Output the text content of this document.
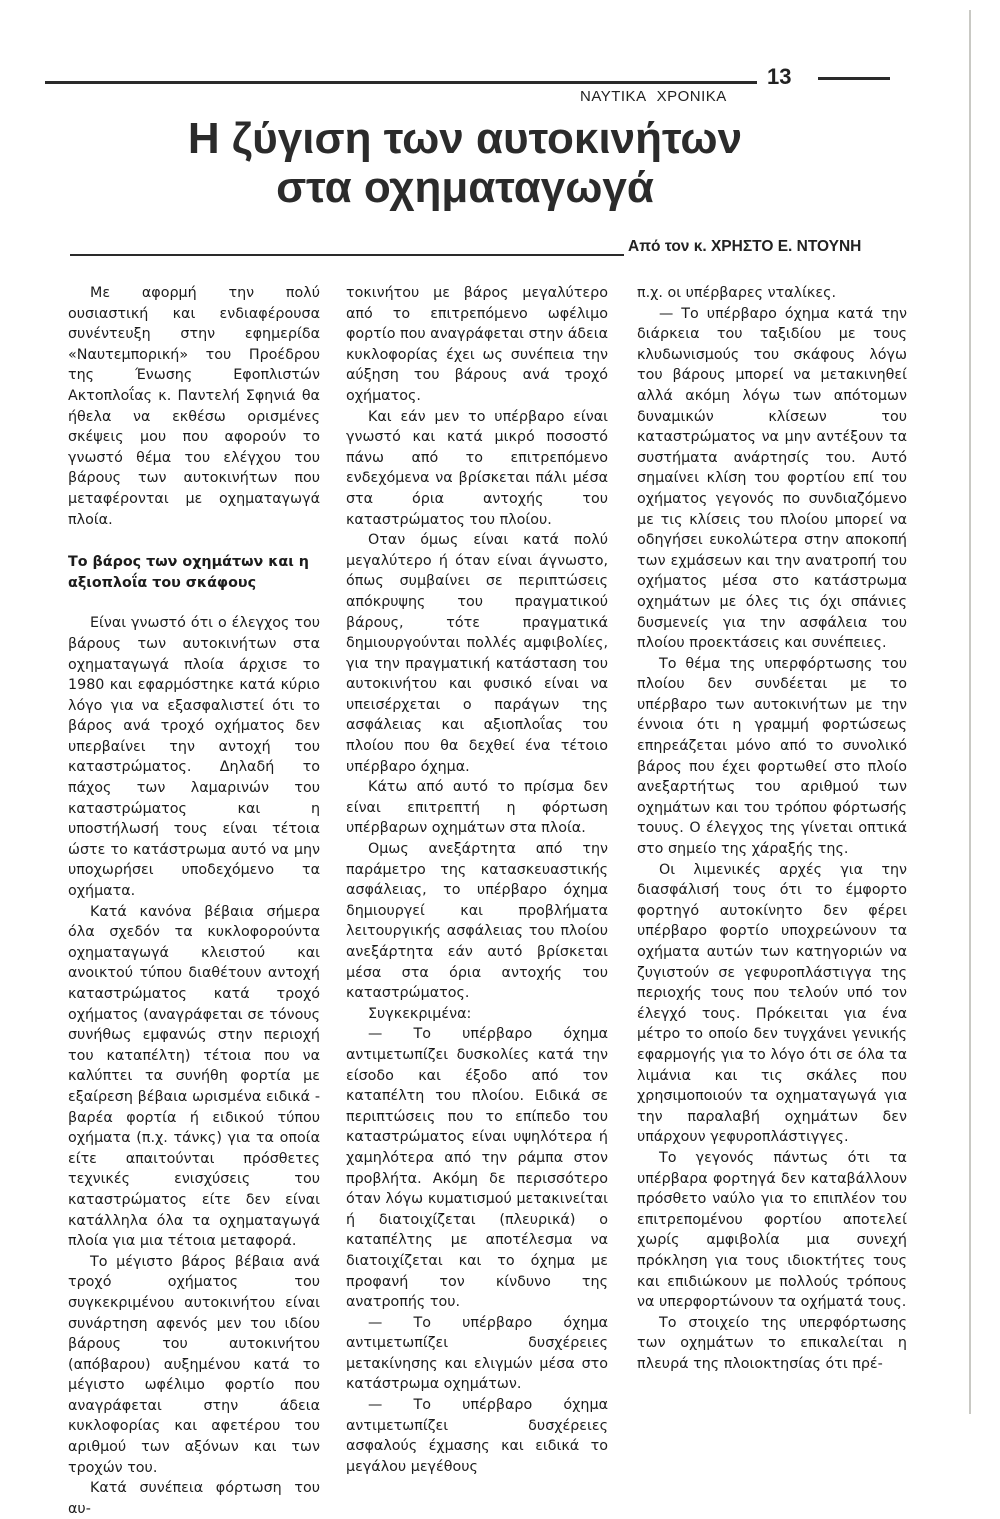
13
ΝΑΥΤΙΚΑ ΧΡΟΝΙΚΑ
Η ζύγιση των αυτοκινήτων
στα οχηματαγωγά
Από τον κ. ΧΡΗΣΤΟ Ε. ΝΤΟΥΝΗ

Με αφορμή την πολύ ουσιαστική και ενδιαφέρουσα συνέντευξη στην εφημερίδα «Ναυτεμπορική» του Προέδρου της Ένωσης Εφοπλιστών Ακτοπλοΐας κ. Παντελή Σφηνιά θα ήθελα να εκθέσω ορισμένες σκέψεις μου που αφορούν το γνωστό θέμα του ελέγχου του βάρους των αυτοκινήτων που μεταφέρονται με οχηματαγωγά πλοία.

Το βάρος των οχημάτων και η αξιοπλοΐα του σκάφους

Είναι γνωστό ότι ο έλεγχος του βάρους των αυτοκινήτων στα οχηματαγωγά πλοία άρχισε το 1980 και εφαρμόστηκε κατά κύριο λόγο για να εξασφαλιστεί ότι το βάρος ανά τροχό οχήματος δεν υπερβαίνει την αντοχή του καταστρώματος. Δηλαδή το πάχος των λαμαρινών του καταστρώματος και η υποστήλωσή τους είναι τέτοια ώστε το κατάστρωμα αυτό να μην υποχωρήσει υποδεχόμενο τα οχήματα.

Κατά κανόνα βέβαια σήμερα όλα σχεδόν τα κυκλοφορούντα οχηματαγωγά κλειστού και ανοικτού τύπου διαθέτουν αντοχή καταστρώματος κατά τροχό οχήματος (αναγράφεται σε τόνους συνήθως εμφανώς στην περιοχή του καταπέλτη) τέτοια που να καλύπτει τα συνήθη φορτία με εξαίρεση βέβαια ωρισμένα ειδικά - βαρέα φορτία ή ειδικού τύπου οχήματα (π.χ. τάνκς) για τα οποία είτε απαιτούνται πρόσθετες τεχνικές ενισχύσεις του καταστρώματος είτε δεν είναι κατάλληλα όλα τα οχηματαγωγά πλοία για μια τέτοια μεταφορά.

Το μέγιστο βάρος βέβαια ανά τροχό οχήματος του συγκεκριμένου αυτοκινήτου είναι συνάρτηση αφενός μεν του ιδίου βάρους του αυτοκινήτου (απόβαρου) αυξημένου κατά το μέγιστο ωφέλιμο φορτίο που αναγράφεται στην άδεια κυκλοφορίας και αφετέρου του αριθμού των αξόνων και των τροχών του.

Κατά συνέπεια φόρτωση του αυ-

τοκινήτου με βάρος μεγαλύτερο από το επιτρεπόμενο ωφέλιμο φορτίο που αναγράφεται στην άδεια κυκλοφορίας έχει ως συνέπεια την αύξηση του βάρους ανά τροχό οχήματος.

Και εάν μεν το υπέρβαρο είναι γνωστό και κατά μικρό ποσοστό πάνω από το επιτρεπόμενο ενδεχόμενα να βρίσκεται πάλι μέσα στα όρια αντοχής του καταστρώματος του πλοίου.

Οταν όμως είναι κατά πολύ μεγαλύτερο ή όταν είναι άγνωστο, όπως συμβαίνει σε περιπτώσεις απόκρυψης του πραγματικού βάρους, τότε πραγματικά δημιουργούνται πολλές αμφιβολίες, για την πραγματική κατάσταση του αυτοκινήτου και φυσικό είναι να υπεισέρχεται ο παράγων της ασφάλειας και αξιοπλοΐας του πλοίου που θα δεχθεί ένα τέτοιο υπέρβαρο όχημα.

Κάτω από αυτό το πρίσμα δεν είναι επιτρεπτή η φόρτωση υπέρβαρων οχημάτων στα πλοία.

Ομως ανεξάρτητα από την παράμετρο της κατασκευαστικής ασφάλειας, το υπέρβαρο όχημα δημιουργεί και προβλήματα λειτουργικής ασφάλειας του πλοίου ανεξάρτητα εάν αυτό βρίσκεται μέσα στα όρια αντοχής του καταστρώματος.

Συγκεκριμένα:

— Το υπέρβαρο όχημα αντιμετωπίζει δυσκολίες κατά την είσοδο και έξοδο από τον καταπέλτη του πλοίου. Ειδικά σε περιπτώσεις που το επίπεδο του καταστρώματος είναι υψηλότερα ή χαμηλότερα από την ράμπα στον προβλήτα. Ακόμη δε περισσότερο όταν λόγω κυματισμού μετακινείται ή διατοιχίζεται (πλευρικά) ο καταπέλτης με αποτέλεσμα να διατοιχίζεται και το όχημα με προφανή τον κίνδυνο της ανατροπής του.

— Το υπέρβαρο όχημα αντιμετωπίζει δυσχέρειες μετακίνησης και ελιγμών μέσα στο κατάστρωμα οχημάτων.

— Το υπέρβαρο όχημα αντιμετωπίζει δυσχέρειες ασφαλούς έχμασης και ειδικά το μεγάλου μεγέθους

π.χ. οι υπέρβαρες νταλίκες.

— Το υπέρβαρο όχημα κατά την διάρκεια του ταξιδίου με τους κλυδωνισμούς του σκάφους λόγω του βάρους μπορεί να μετακινηθεί αλλά ακόμη λόγω των απότομων δυναμικών κλίσεων του καταστρώματος να μην αντέξουν τα συστήματα ανάρτησίς του. Αυτό σημαίνει κλίση του φορτίου επί του οχήματος γεγονός πο συνδιαζόμενο με τις κλίσεις του πλοίου μπορεί να οδηγήσει ευκολώτερα στην αποκοπή των εχμάσεων και την ανατροπή του οχήματος μέσα στο κατάστρωμα οχημάτων με όλες τις όχι σπάνιες δυσμενείς για την ασφάλεια του πλοίου προεκτάσεις και συνέπειες.

Το θέμα της υπερφόρτωσης του πλοίου δεν συνδέεται με το υπέρβαρο των αυτοκινήτων με την έννοια ότι η γραμμή φορτώσεως επηρεάζεται μόνο από το συνολικό βάρος που έχει φορτωθεί στο πλοίο ανεξαρτήτως του αριθμού των οχημάτων και του τρόπου φόρτωσής τουυς. Ο έλεγχος της γίνεται οπτικά στο σημείο της χάραξής της.

Οι λιμενικές αρχές για την διασφάλισή τους ότι το έμφορτο φορτηγό αυτοκίνητο δεν φέρει υπέρβαρο φορτίο υποχρεώνουν τα οχήματα αυτών των κατηγοριών να ζυγιστούν σε γεφυροπλάστιγγα της περιοχής τους που τελούν υπό τον έλεγχό τους. Πρόκειται για ένα μέτρο το οποίο δεν τυγχάνει γενικής εφαρμογής για το λόγο ότι σε όλα τα λιμάνια και τις σκάλες που χρησιμοποιούν τα οχηματαγωγά για την παραλαβή οχημάτων δεν υπάρχουν γεφυροπλάστιγγες.

Το γεγονός πάντως ότι τα υπέρβαρα φορτηγά δεν καταβάλλουν πρόσθετο ναύλο για το επιπλέον του επιτρεπομένου φορτίου αποτελεί χωρίς αμφιβολία μια συνεχή πρόκληση για τους ιδιοκτήτες τους και επιδιώκουν με πολλούς τρόπους να υπερφορτώνουν τα οχήματά τους.

Το στοιχείο της υπερφόρτωσης των οχημάτων το επικαλείται η πλευρά της πλοιοκτησίας ότι πρέ-
